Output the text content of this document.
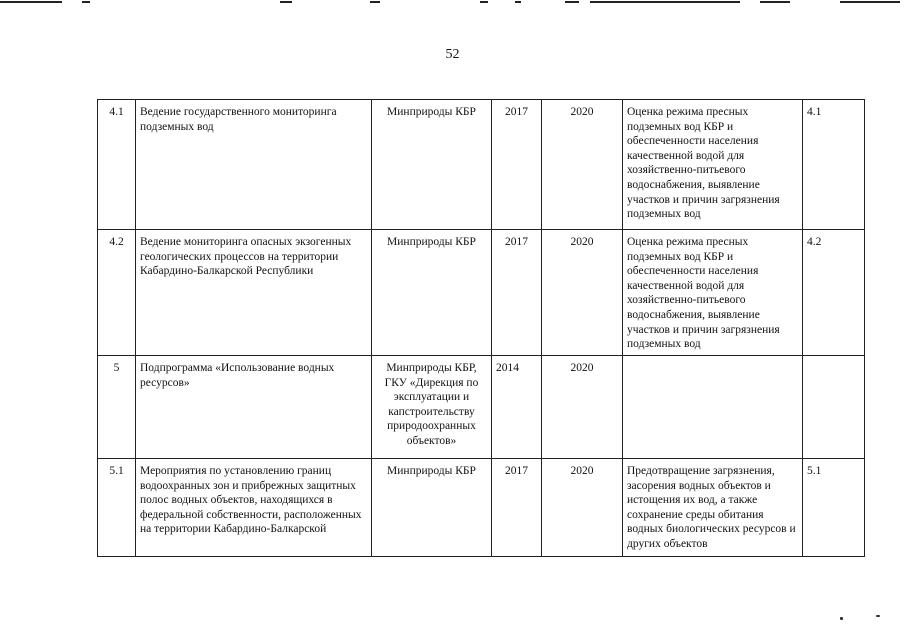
52
4.1	Ведение государственного мониторинга подземных вод	Минприроды КБР	2017	2020	Оценка режима пресных подземных вод КБР и обеспеченности населения качественной водой для хозяйственно-питьевого водоснабжения, выявление участков и причин загрязнения подземных вод	4.1
4.2	Ведение мониторинга опасных экзогенных геологических процессов на территории Кабардино-Балкарской Республики	Минприроды КБР	2017	2020	Оценка режима пресных подземных вод КБР и обеспеченности населения качественной водой для хозяйственно-питьевого водоснабжения, выявление участков и причин загрязнения подземных вод	4.2
5	Подпрограмма «Использование водных ресурсов»	Минприроды КБР, ГКУ «Дирекция по эксплуатации и капстроительству природоохранных объектов»	2014	2020		
5.1	Мероприятия по установлению границ водоохранных зон и прибрежных защитных полос водных объектов, находящихся в федеральной собственности, расположенных на территории Кабардино-Балкарской	Минприроды КБР	2017	2020	Предотвращение загрязнения, засорения водных объектов и истощения их вод, а также сохранение среды обитания водных биологических ресурсов и других объектов	5.1
